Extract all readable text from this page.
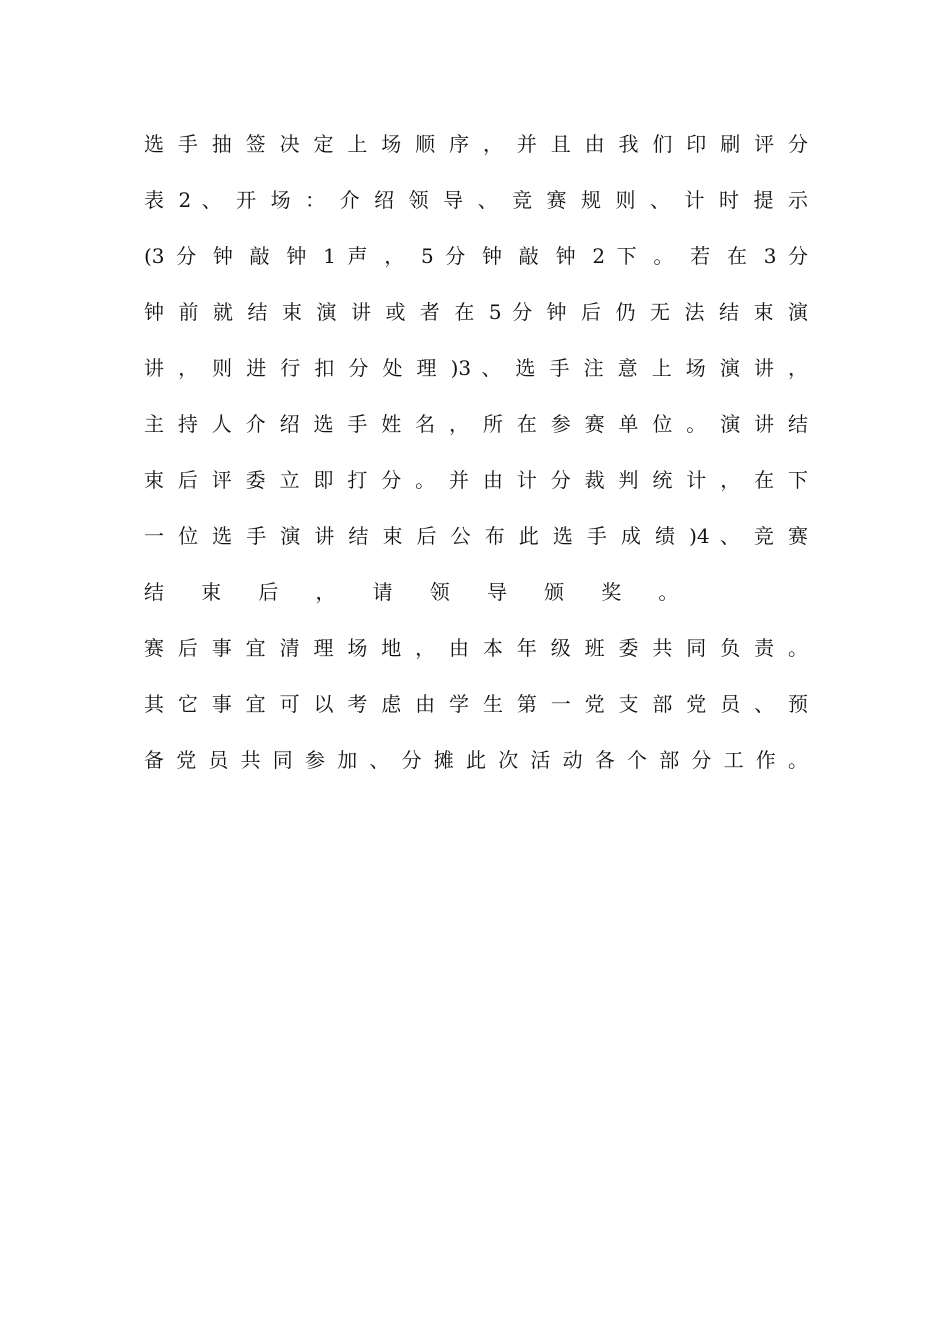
选 手 抽 签 决 定 上 场 顺 序 ， 并 且 由 我 们 印 刷 评 分
表 2 、 开 场 ： 介 绍 领 导 、 竞 赛 规 则 、 计 时 提 示
(3 分 钟 敲 钟 1 声 ， 5 分 钟 敲 钟 2 下 。 若 在 3 分
钟 前 就 结 束 演 讲 或 者 在 5 分 钟 后 仍 无 法 结 束 演
讲 ， 则 进 行 扣 分 处 理 )3 、 选 手 注 意 上 场 演 讲 ，
主 持 人 介 绍 选 手 姓 名 ， 所 在 参 赛 单 位 。 演 讲 结
束 后 评 委 立 即 打 分 。 并 由 计 分 裁 判 统 计 ， 在 下
一 位 选 手 演 讲 结 束 后 公 布 此 选 手 成 绩 )4 、 竞 赛
结 束 后 ， 请 领 导 颁 奖 。
赛 后 事 宜 清 理 场 地 ， 由 本 年 级 班 委 共 同 负 责 。
其 它 事 宜 可 以 考 虑 由 学 生 第 一 党 支 部 党 员 、 预
备 党 员 共 同 参 加 、 分 摊 此 次 活 动 各 个 部 分 工 作 。
